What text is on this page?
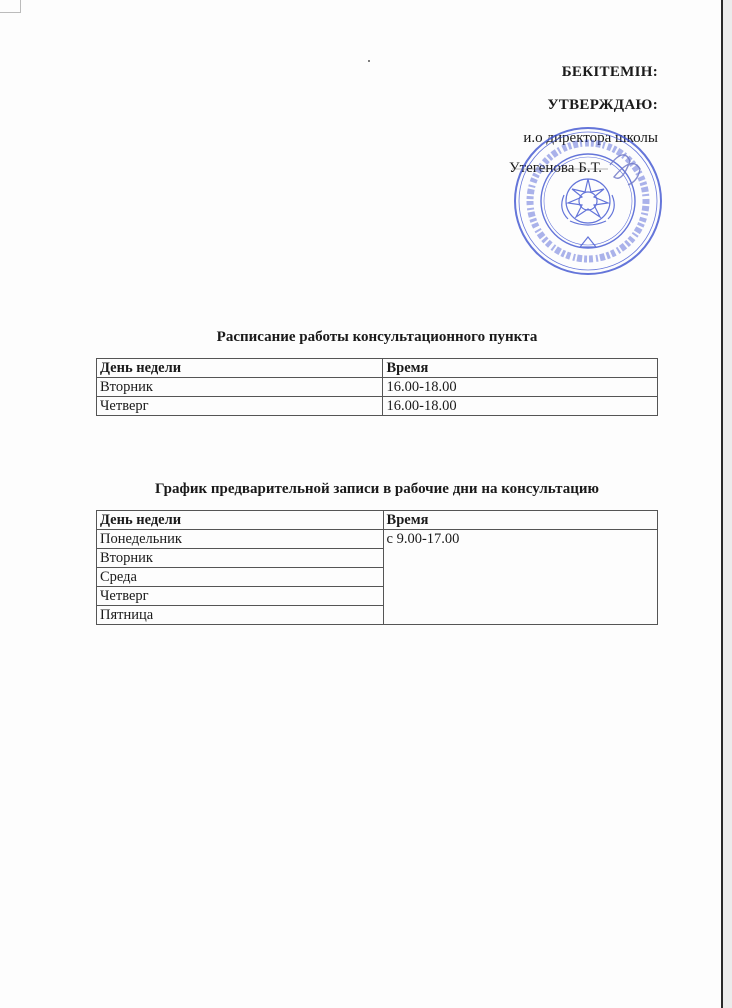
БЕКІТЕМІН:
УТВЕРЖДАЮ:
и.о директора школы
Утегенова Б.Т.
Расписание работы консультационного пункта
День недели	Время
Вторник	16.00-18.00
Четверг	16.00-18.00
График предварительной записи в рабочие дни на консультацию
День недели	Время
Понедельник	с 9.00-17.00
Вторник	
Среда	
Четверг	
Пятница	
